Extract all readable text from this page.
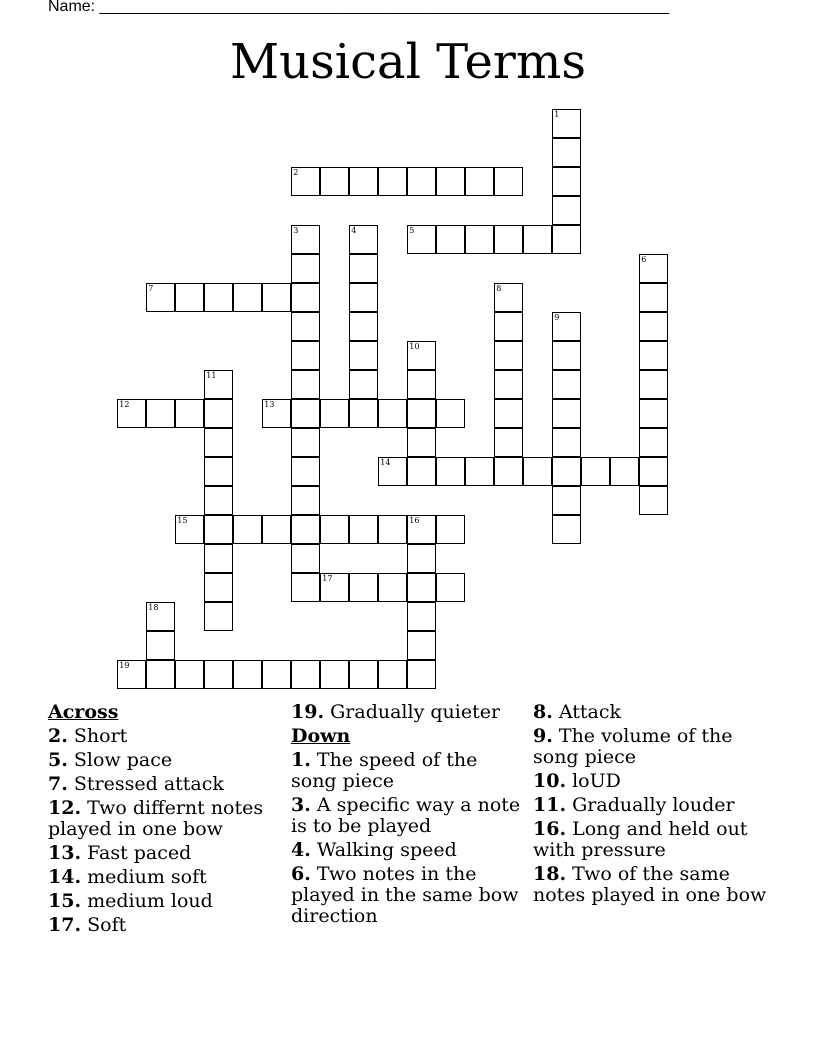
Name: ________________________________________________________________
Musical Terms
1
2
3	4	5
6
7	8
9
10
11
12	13
14
15	16
17
18
19
Across
2. Short
5. Slow pace
7. Stressed attack
12. Two differnt notes played in one bow
13. Fast paced
14. medium soft
15. medium loud
17. Soft
19. Gradually quieter
Down
1. The speed of the song piece
3. A specific way a note is to be played
4. Walking speed
6. Two notes in the played in the same bow direction
8. Attack
9. The volume of the song piece
10. loUD
11. Gradually louder
16. Long and held out with pressure
18. Two of the same notes played in one bow
